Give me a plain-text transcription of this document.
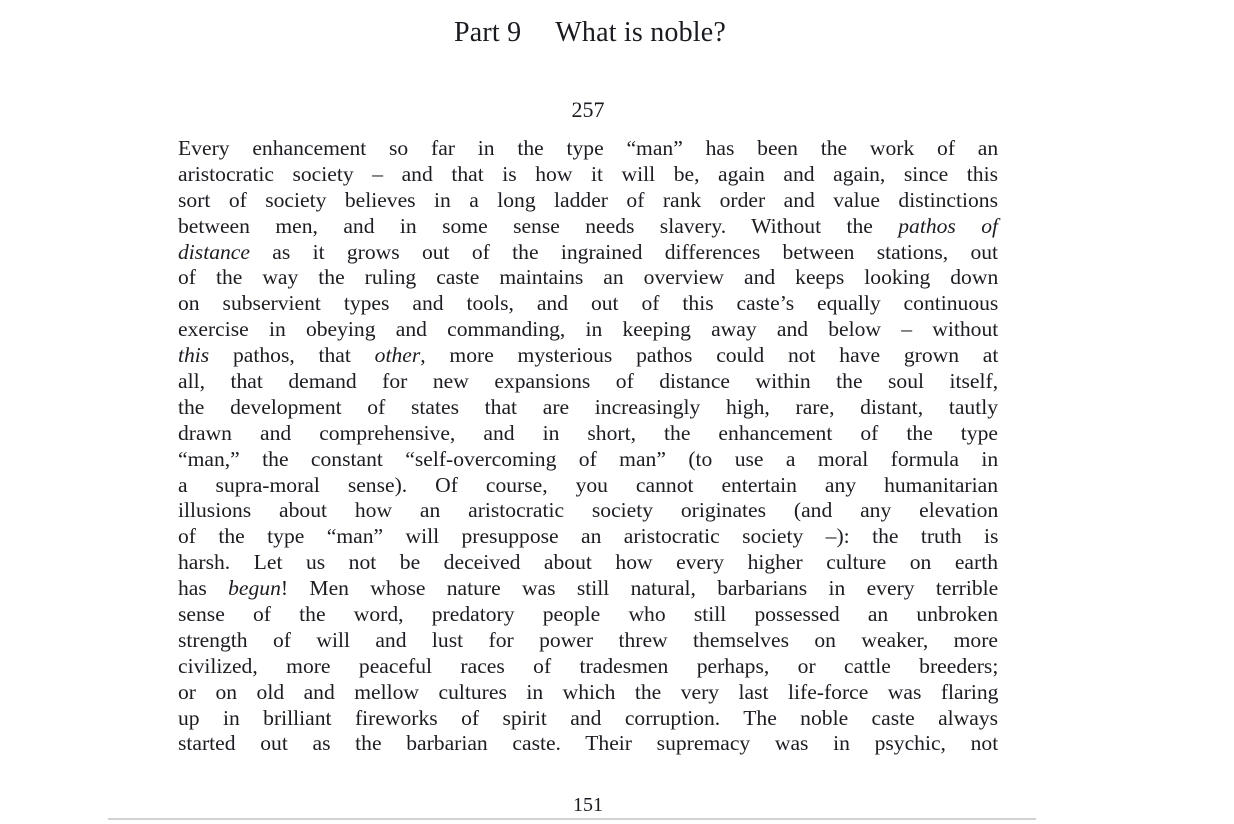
Part 9 What is noble?
257
Every enhancement so far in the type “man” has been the work of an
aristocratic society – and that is how it will be, again and again, since this
sort of society believes in a long ladder of rank order and value distinctions
between men, and in some sense needs slavery. Without the pathos of
distance as it grows out of the ingrained differences between stations, out
of the way the ruling caste maintains an overview and keeps looking down
on subservient types and tools, and out of this caste’s equally continuous
exercise in obeying and commanding, in keeping away and below – without
this pathos, that other, more mysterious pathos could not have grown at
all, that demand for new expansions of distance within the soul itself,
the development of states that are increasingly high, rare, distant, tautly
drawn and comprehensive, and in short, the enhancement of the type
“man,” the constant “self-overcoming of man” (to use a moral formula in
a supra-moral sense). Of course, you cannot entertain any humanitarian
illusions about how an aristocratic society originates (and any elevation
of the type “man” will presuppose an aristocratic society –): the truth is
harsh. Let us not be deceived about how every higher culture on earth
has begun! Men whose nature was still natural, barbarians in every terrible
sense of the word, predatory people who still possessed an unbroken
strength of will and lust for power threw themselves on weaker, more
civilized, more peaceful races of tradesmen perhaps, or cattle breeders;
or on old and mellow cultures in which the very last life-force was flaring
up in brilliant fireworks of spirit and corruption. The noble caste always
started out as the barbarian caste. Their supremacy was in psychic, not
151
